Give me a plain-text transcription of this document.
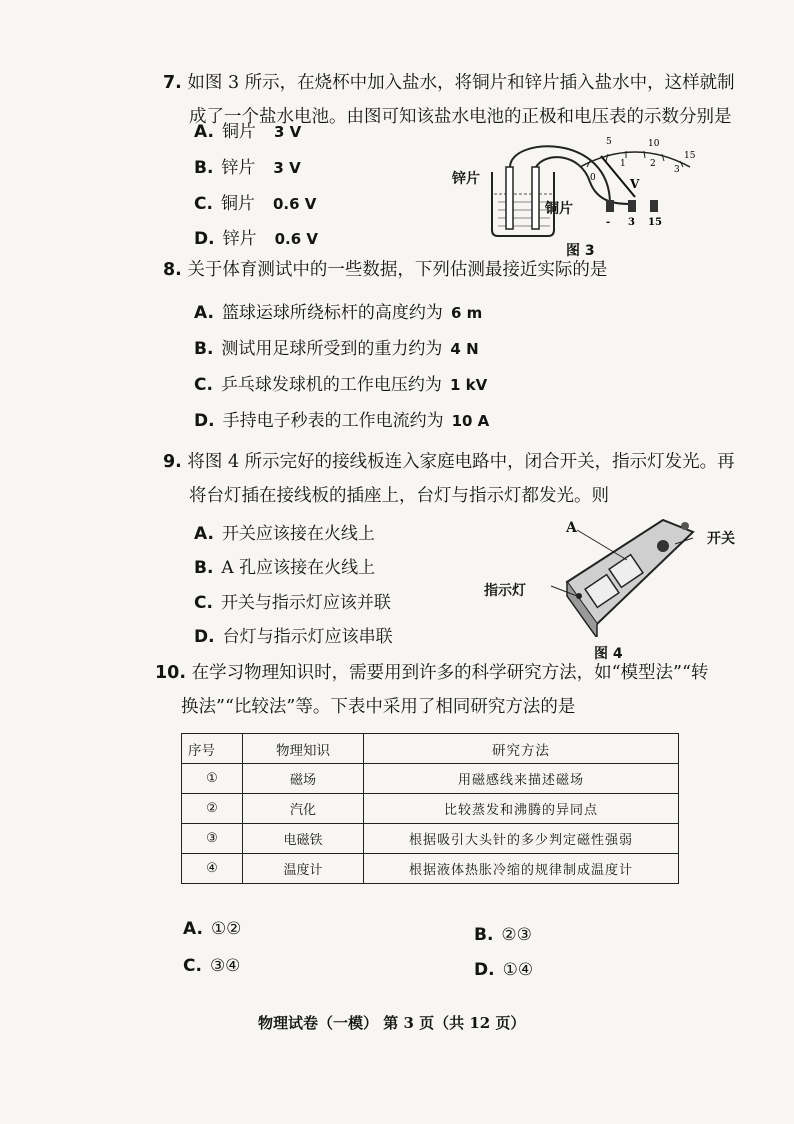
7. 如图 3 所示，在烧杯中加入盐水，将铜片和锌片插入盐水中，这样就制
成了一个盐水电池。由图可知该盐水电池的正极和电压表的示数分别是
A. 铜片 3 V
B. 锌片 3 V
C. 铜片 0.6 V
D. 锌片 0.6 V
5	10
15
0
1	2
3
V
- 3 15
锌片
铜片
图 3
8. 关于体育测试中的一些数据，下列估测最接近实际的是
A. 篮球运球所绕标杆的高度约为 6 m
B. 测试用足球所受到的重力约为 4 N
C. 乒乓球发球机的工作电压约为 1 kV
D. 手持电子秒表的工作电流约为 10 A
9. 将图 4 所示完好的接线板连入家庭电路中，闭合开关，指示灯发光。再
将台灯插在接线板的插座上，台灯与指示灯都发光。则
A. 开关应该接在火线上
B. A 孔应该接在火线上
C. 开关与指示灯应该并联
D. 台灯与指示灯应该串联
A
开关
指示灯
图 4
10. 在学习物理知识时，需要用到许多的科学研究方法，如“模型法”“转
换法”“比较法”等。下表中采用了相同研究方法的是
序号	物理知识	研究方法
①	磁场	用磁感线来描述磁场
②	汽化	比较蒸发和沸腾的异同点
③	电磁铁	根据吸引大头针的多少判定磁性强弱
④	温度计	根据液体热胀冷缩的规律制成温度计
A. ①②	B. ②③
C. ③④	D. ①④
物理试卷（一模） 第 3 页（共 12 页）
